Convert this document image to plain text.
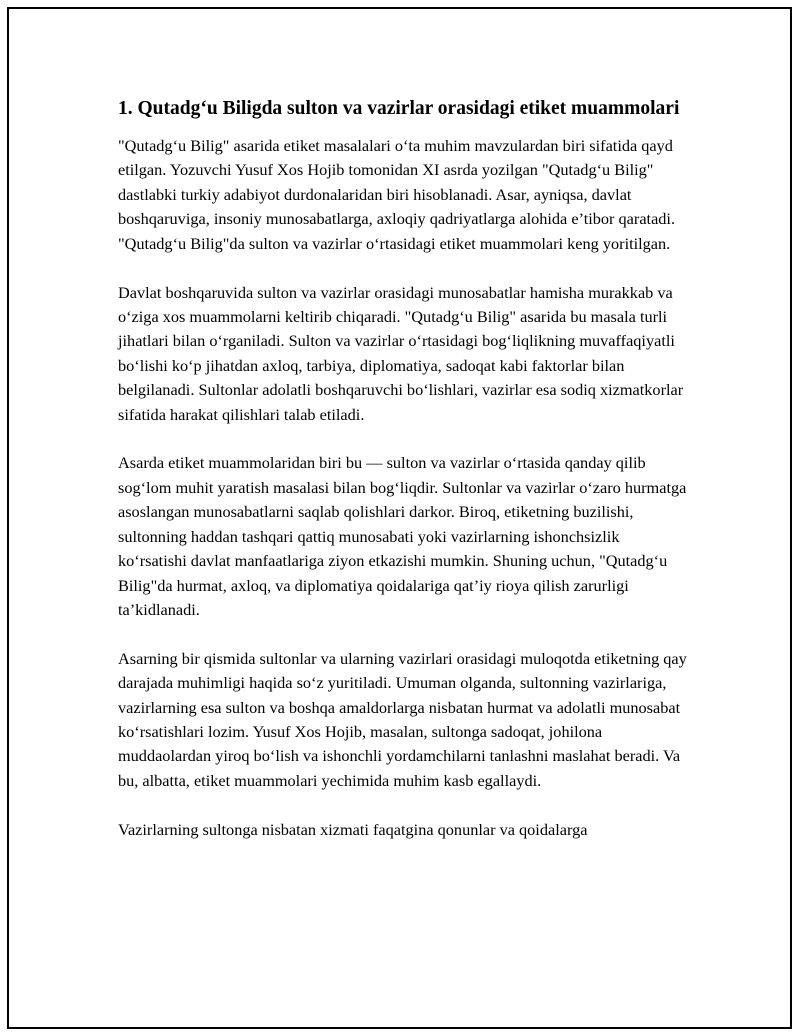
1. Qutadg‘u Biligda sulton va vazirlar orasidagi etiket muammolari

"Qutadg‘u Bilig" asarida etiket masalalari o‘ta muhim mavzulardan biri sifatida qayd etilgan. Yozuvchi Yusuf Xos Hojib tomonidan XI asrda yozilgan "Qutadg‘u Bilig" dastlabki turkiy adabiyot durdonalaridan biri hisoblanadi. Asar, ayniqsa, davlat boshqaruviga, insoniy munosabatlarga, axloqiy qadriyatlarga alohida e’tibor qaratadi. "Qutadg‘u Bilig"da sulton va vazirlar o‘rtasidagi etiket muammolari keng yoritilgan.

Davlat boshqaruvida sulton va vazirlar orasidagi munosabatlar hamisha murakkab va o‘ziga xos muammolarni keltirib chiqaradi. "Qutadg‘u Bilig" asarida bu masala turli jihatlari bilan o‘rganiladi. Sulton va vazirlar o‘rtasidagi bog‘liqlikning muvaffaqiyatli bo‘lishi ko‘p jihatdan axloq, tarbiya, diplomatiya, sadoqat kabi faktorlar bilan belgilanadi. Sultonlar adolatli boshqaruvchi bo‘lishlari, vazirlar esa sodiq xizmatkorlar sifatida harakat qilishlari talab etiladi.

Asarda etiket muammolaridan biri bu — sulton va vazirlar o‘rtasida qanday qilib sog‘lom muhit yaratish masalasi bilan bog‘liqdir. Sultonlar va vazirlar o‘zaro hurmatga asoslangan munosabatlarni saqlab qolishlari darkor. Biroq, etiketning buzilishi, sultonning haddan tashqari qattiq munosabati yoki vazirlarning ishonchsizlik ko‘rsatishi davlat manfaatlariga ziyon etkazishi mumkin. Shuning uchun, "Qutadg‘u Bilig"da hurmat, axloq, va diplomatiya qoidalariga qat’iy rioya qilish zarurligi ta’kidlanadi.

Asarning bir qismida sultonlar va ularning vazirlari orasidagi muloqotda etiketning qay darajada muhimligi haqida so‘z yuritiladi. Umuman olganda, sultonning vazirlariga, vazirlarning esa sulton va boshqa amaldorlarga nisbatan hurmat va adolatli munosabat ko‘rsatishlari lozim. Yusuf Xos Hojib, masalan, sultonga sadoqat, johilona muddaolardan yiroq bo‘lish va ishonchli yordamchilarni tanlashni maslahat beradi. Va bu, albatta, etiket muammolari yechimida muhim kasb egallaydi.

Vazirlarning sultonga nisbatan xizmati faqatgina qonunlar va qoidalarga
